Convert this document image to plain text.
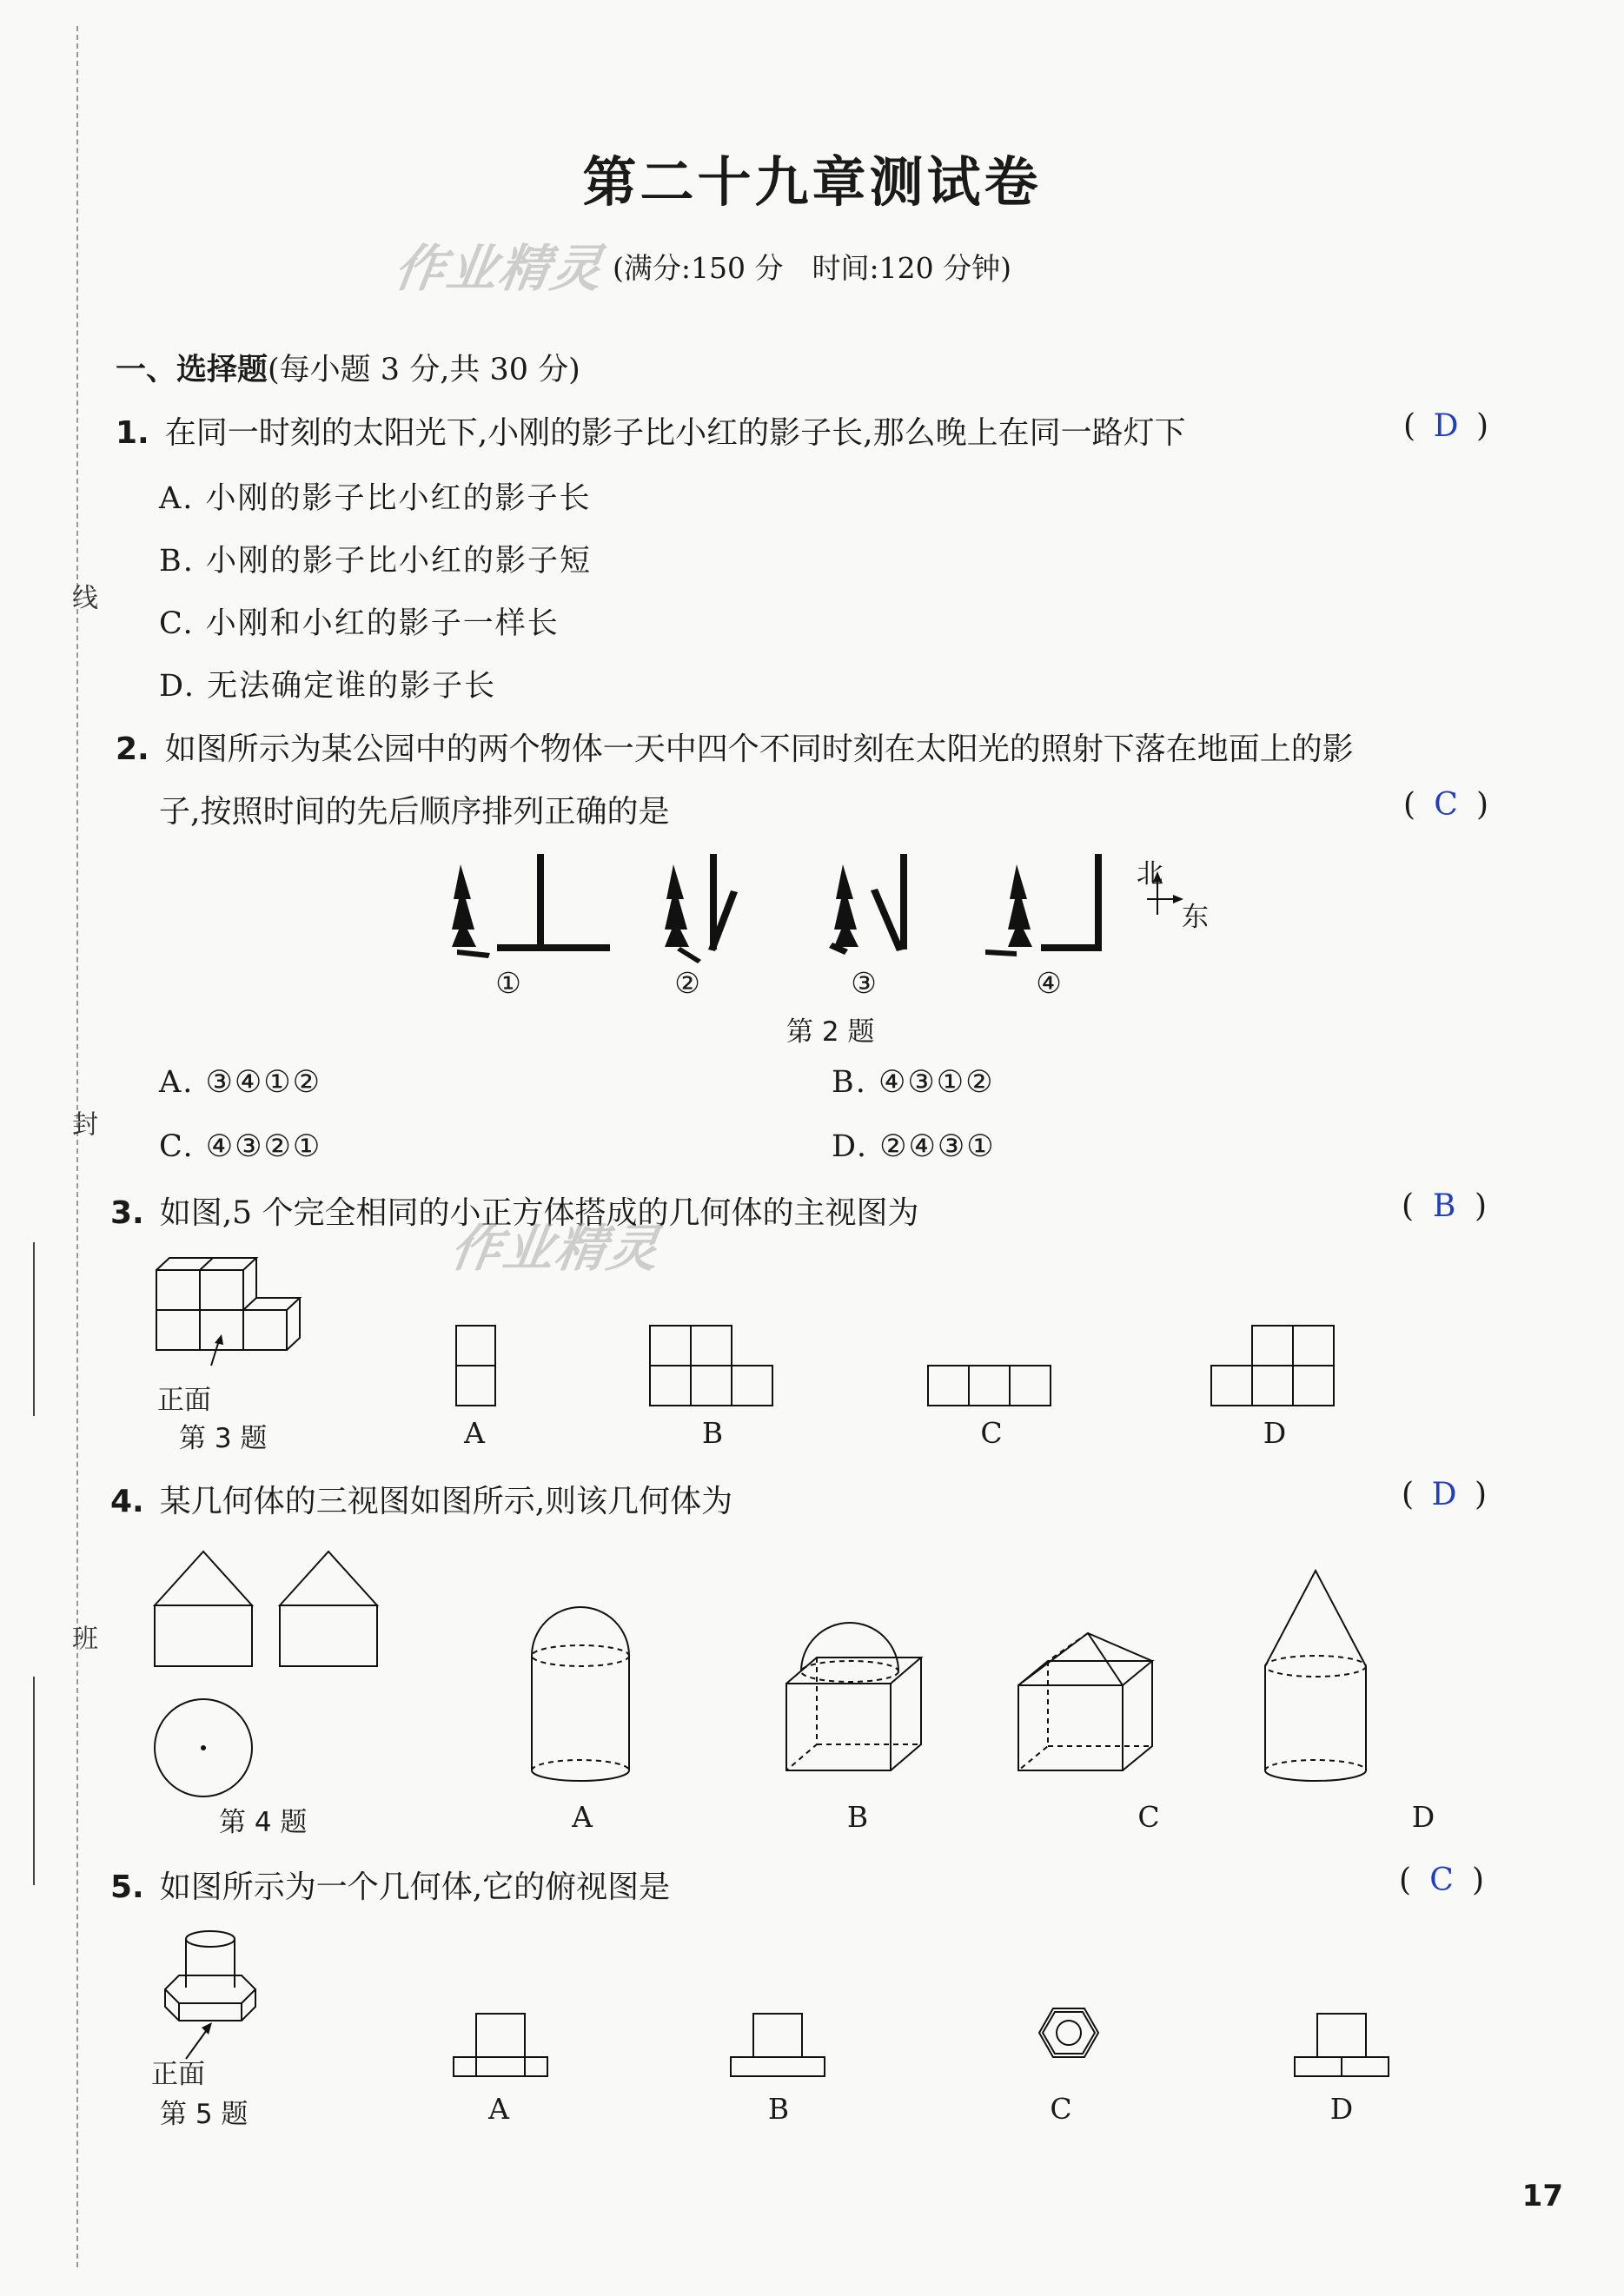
线
封
班
第二十九章测试卷
作业精灵 (满分:150 分　时间:120 分钟)
一、选择题(每小题 3 分,共 30 分)
1. 在同一时刻的太阳光下,小刚的影子比小红的影子长,那么晚上在同一路灯下	( D )
A. 小刚的影子比小红的影子长
B. 小刚的影子比小红的影子短
C. 小刚和小红的影子一样长
D. 无法确定谁的影子长
2. 如图所示为某公园中的两个物体一天中四个不同时刻在太阳光的照射下落在地面上的影
子,按照时间的先后顺序排列正确的是	( C )
北
东
①	②	③	④
第 2 题
A. ③④①②	B. ④③①②
C. ④③②①	D. ②④③①
3. 如图,5 个完全相同的小正方体搭成的几何体的主视图为
作业精灵
( B )
正面
第 3 题	A	B	C	D
4. 某几何体的三视图如图所示,则该几何体为	( D )
第 4 题	A	B	C	D
5. 如图所示为一个几何体,它的俯视图是	( C )
正面
第 5 题	A	B	C	D
17
